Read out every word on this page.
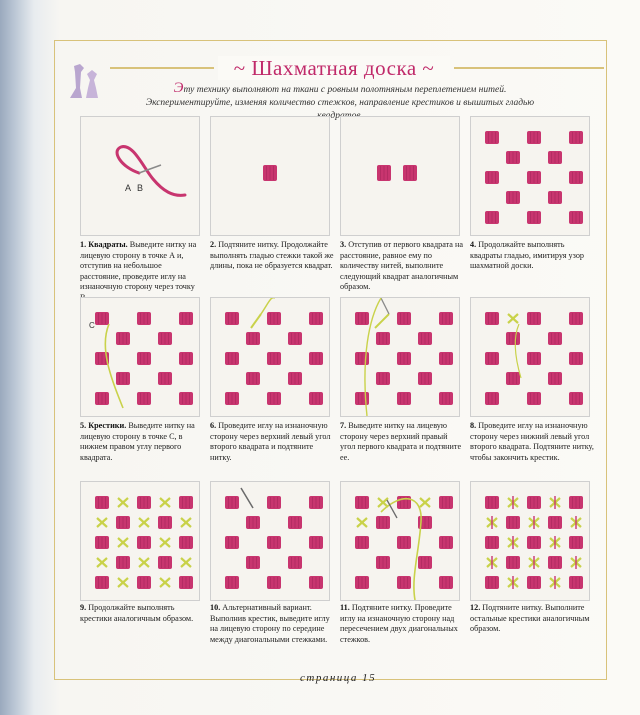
~ Шахматная доска ~
Эту технику выполняют на ткани с ровным полотняным переплетением нитей.
Экспериментируйте, изменяя количество стежков, направление крестиков и вышитых гладью
A B
1. Квадраты. Выведите нитку на лицевую сторону в точке А и, отступив на небольшое расстояние, проведите иглу на изнаночную сторону через точку
2. Подтяните нитку. Продолжайте выполнять гладью стежки такой же длины, пока не образуется квадрат.
3. Отступив от первого квадрата на расстояние, равное ему по количеству нитей, выполните следующий квадрат аналогичным образом.
4. Продолжайте выполнять квадраты гладью, имитируя узор шахматной доски.
C
5. Крестики. Выведите нитку на лицевую сторону в точке С, в нижнем правом углу первого квадрата.
6. Проведите иглу на изнаночную сторону через верхний левый угол второго квадрата и подтяните нитку.
7. Выведите нитку на лицевую сторону через верхний правый угол первого квадрата и подтяните ее.
8. Проведите иглу на изнаночную сторону через нижний левый угол второго квадрата. Подтяните нитку, чтобы закончить крестик.
9. Продолжайте выполнять крестики аналогичным образом.
10. Альтернативный вариант. Выполнив крестик, выведите иглу на лицевую сторону по середине между диагональными стежками.
11. Подтяните нитку. Проведите иглу на изнаночную сторону над пересечением двух диагональных стежков.
12. Подтяните нитку. Выполните остальные крестики аналогичным образом.
страница 15
